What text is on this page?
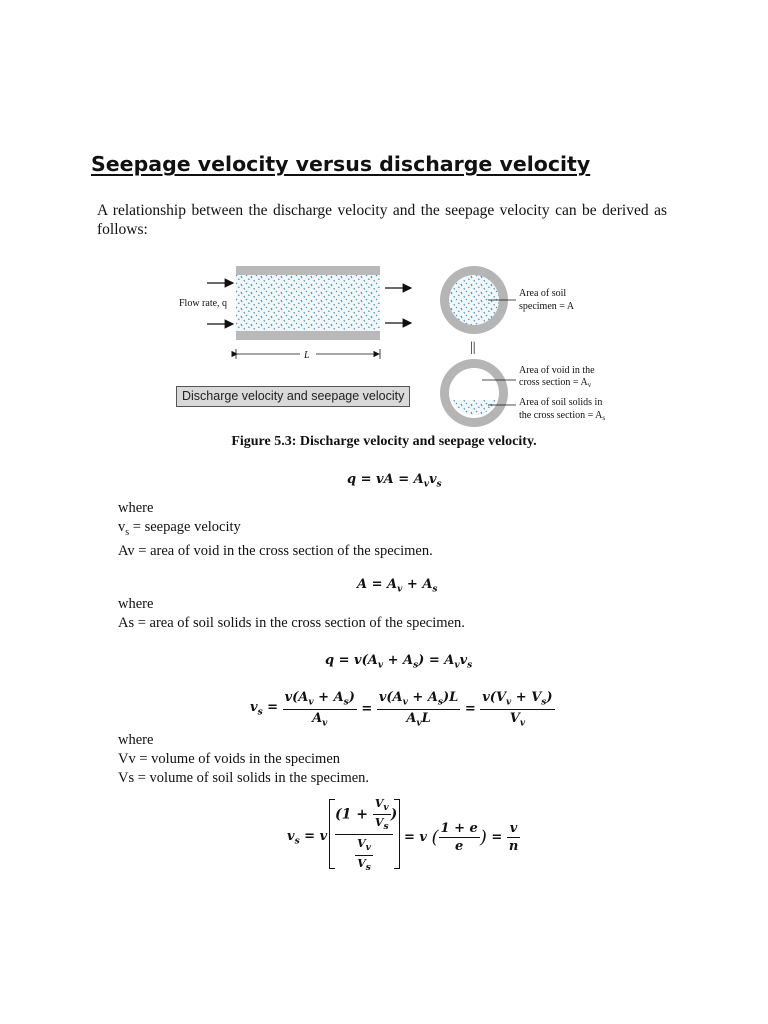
Seepage velocity versus discharge velocity
A relationship between the discharge velocity and the seepage velocity can be derived as follows:
Flow rate, q
L
Area of soil
specimen = A
||
Area of void in the
cross section = $A_v$
Area of soil solids in
the cross section = $A_s$
Discharge velocity and seepage velocity
Figure 5.3: Discharge velocity and seepage velocity.
q = vA = $A_vv_s$
where
$v_s$ = seepage velocity
Av = area of void in the cross section of the specimen.
$A = A_v + A_s$
where
As = area of soil solids in the cross section of the specimen.
$q = v(A_v + A_s) = A_vv_s$
$v_s = \frac{v(A_v + A_s)}{A_v} = \frac{v(A_v + A_s)L}{A_vL} = \frac{v(V_v + V_s)}{V_v}$
where
Vv = volume of voids in the specimen
Vs = volume of soil solids in the specimen.
$v_s = v$
($1 + \frac{V_v}{V_s}$ )
$\frac{V_v}{V_s} = v$ ( $\frac{1 + e}{e}$ ) = $\frac{v}{n}$
